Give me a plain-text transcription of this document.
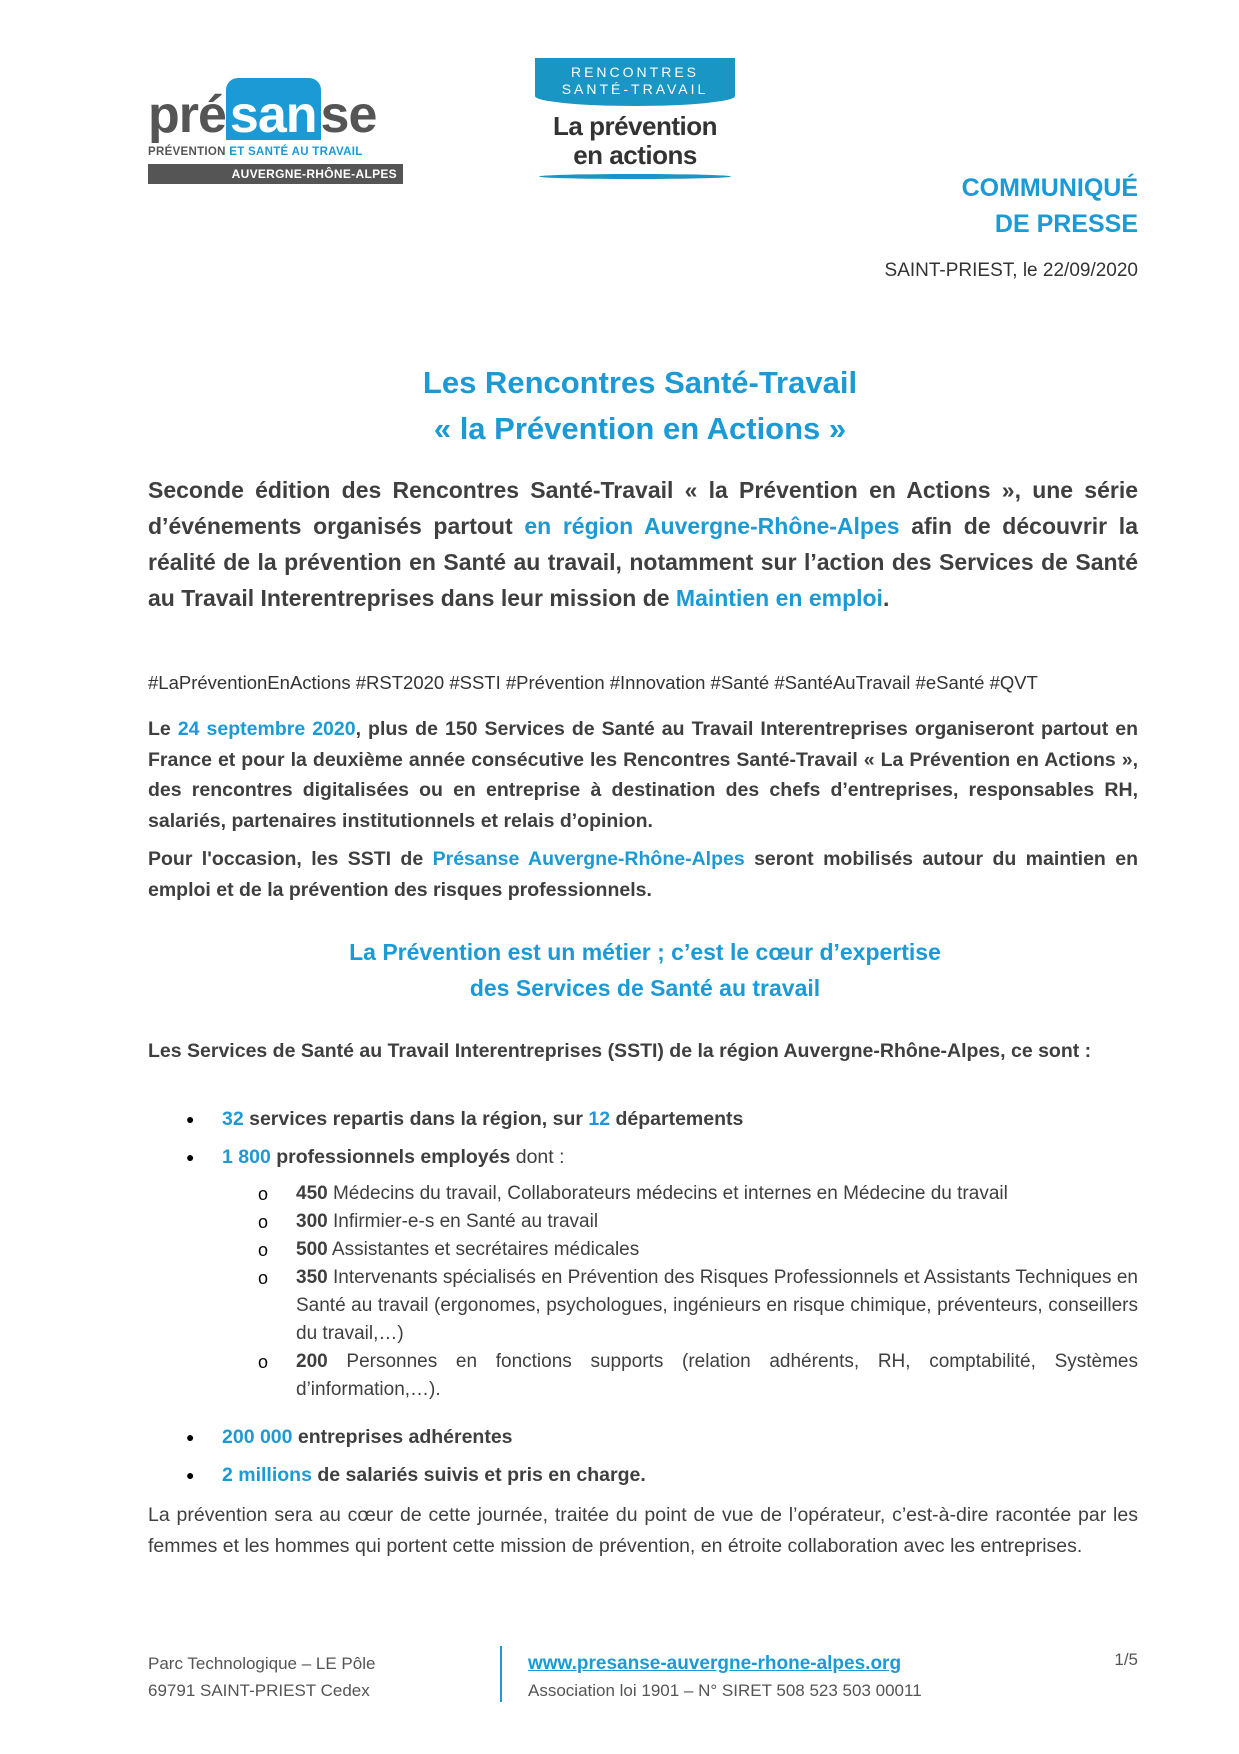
présanse
PRÉVENTION ET SANTÉ AU TRAVAIL
AUVERGNE-RHÔNE-ALPES
RENCONTRES
SANTÉ-TRAVAIL
La prévention
en actions
COMMUNIQUÉ
DE PRESSE
SAINT-PRIEST, le 22/09/2020
Les Rencontres Santé-Travail
« la Prévention en Actions »
Seconde édition des Rencontres Santé-Travail « la Prévention en Actions », une série d’événements organisés partout en région Auvergne-Rhône-Alpes afin de découvrir la réalité de la prévention en Santé au travail, notamment sur l’action des Services de Santé au Travail Interentreprises dans leur mission de Maintien en emploi.
#LaPréventionEnActions #RST2020 #SSTI #Prévention #Innovation #Santé #SantéAuTravail #eSanté #QVT
Le 24 septembre 2020, plus de 150 Services de Santé au Travail Interentreprises organiseront partout en France et pour la deuxième année consécutive les Rencontres Santé-Travail « La Prévention en Actions », des rencontres digitalisées ou en entreprise à destination des chefs d’entreprises, responsables RH, salariés, partenaires institutionnels et relais d’opinion.
Pour l'occasion, les SSTI de Présanse Auvergne-Rhône-Alpes seront mobilisés autour du maintien en emploi et de la prévention des risques professionnels.
La Prévention est un métier ; c’est le cœur d’expertise
des Services de Santé au travail
Les Services de Santé au Travail Interentreprises (SSTI) de la région Auvergne-Rhône-Alpes, ce sont :
● 32 services repartis dans la région, sur 12 départements
● 1 800 professionnels employés dont :
o 450 Médecins du travail, Collaborateurs médecins et internes en Médecine du travail
o 300 Infirmier-e-s en Santé au travail
o 500 Assistantes et secrétaires médicales
o 350 Intervenants spécialisés en Prévention des Risques Professionnels et Assistants Techniques en Santé au travail (ergonomes, psychologues, ingénieurs en risque chimique, préventeurs, conseillers du travail,…)
o 200 Personnes en fonctions supports (relation adhérents, RH, comptabilité, Systèmes d’information,…).
● 200 000 entreprises adhérentes
● 2 millions de salariés suivis et pris en charge.
La prévention sera au cœur de cette journée, traitée du point de vue de l’opérateur, c’est-à-dire racontée par les femmes et les hommes qui portent cette mission de prévention, en étroite collaboration avec les entreprises.
Parc Technologique – LE Pôle
69791 SAINT-PRIEST Cedex
www.presanse-auvergne-rhone-alpes.org
Association loi 1901 – N° SIRET 508 523 503 00011
1/5
